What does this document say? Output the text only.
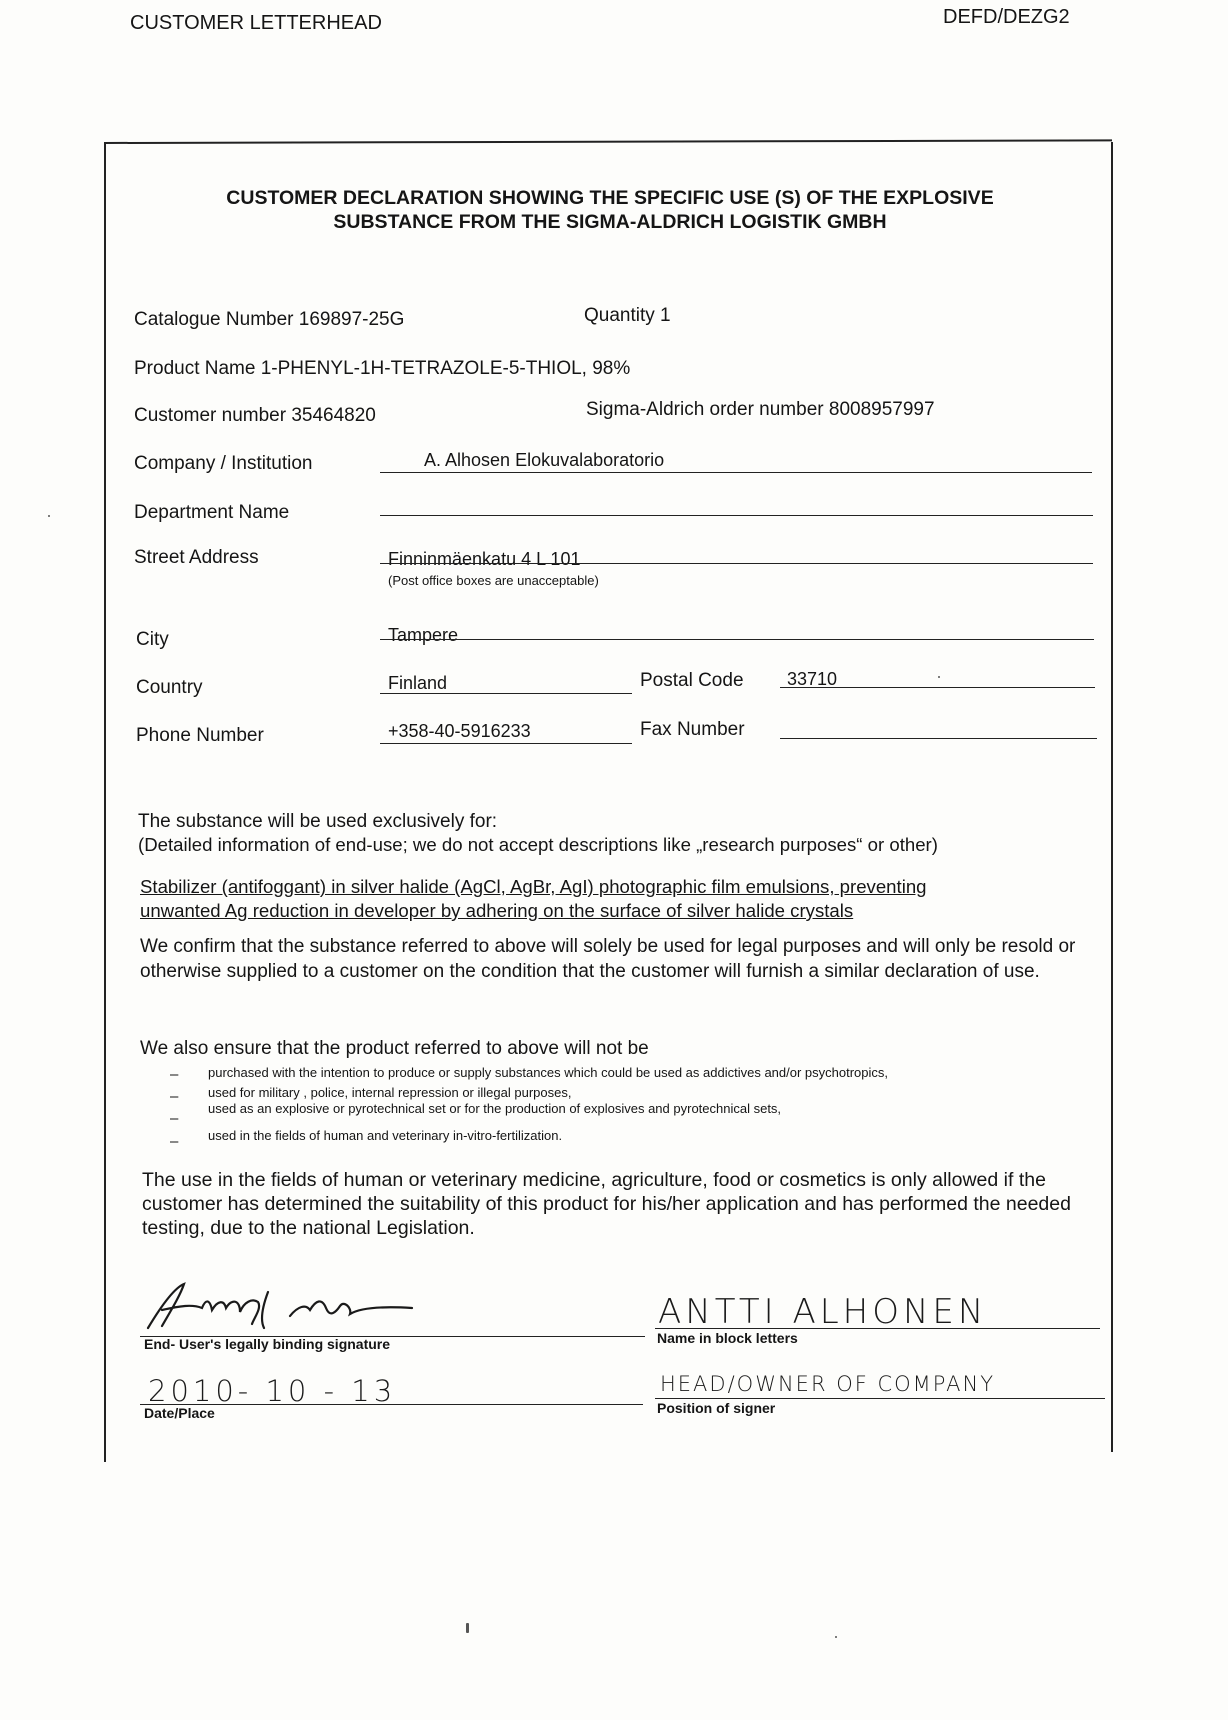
CUSTOMER LETTERHEAD	DEFD/DEZG2
CUSTOMER DECLARATION SHOWING THE SPECIFIC USE (S) OF THE EXPLOSIVE
SUBSTANCE FROM THE SIGMA-ALDRICH LOGISTIK GMBH
Catalogue Number 169897-25G	Quantity 1
Product Name 1-PHENYL-1H-TETRAZOLE-5-THIOL, 98%
Customer number 35464820	Sigma-Aldrich order number 8008957997
Company / Institution	A. Alhosen Elokuvalaboratorio
Department Name
Street Address	Finninmäenkatu 4 L 101
(Post office boxes are unacceptable)
City	Tampere
Country	Finland	Postal Code 33710
Phone Number	+358-40-5916233	Fax Number
The substance will be used exclusively for:
(Detailed information of end-use; we do not accept descriptions like „research purposes“ or other)
Stabilizer (antifoggant) in silver halide (AgCl, AgBr, AgI) photographic film emulsions, preventing
unwanted Ag reduction in developer by adhering on the surface of silver halide crystals
We confirm that the substance referred to above will solely be used for legal purposes and will only be resold or otherwise supplied to a customer on the condition that the customer will furnish a similar declaration of use.
We also ensure that the product referred to above will not be
– purchased with the intention to produce or supply substances which could be used as addictives and/or psychotropics,
– used for military , police, internal repression or illegal purposes,
–
used as an explosive or pyrotechnical set or for the production of explosives and pyrotechnical sets,
– used in the fields of human and veterinary in-vitro-fertilization.
The use in the fields of human or veterinary medicine, agriculture, food or cosmetics is only allowed if the customer has determined the suitability of this product for his/her application and has performed the needed testing, due to the national Legislation.
End- User's legally binding signature
ANTTI ALHONEN
Name in block letters
2010- 10 - 13
Date/Place
HEAD/OWNER OF COMPANY
Position of signer
